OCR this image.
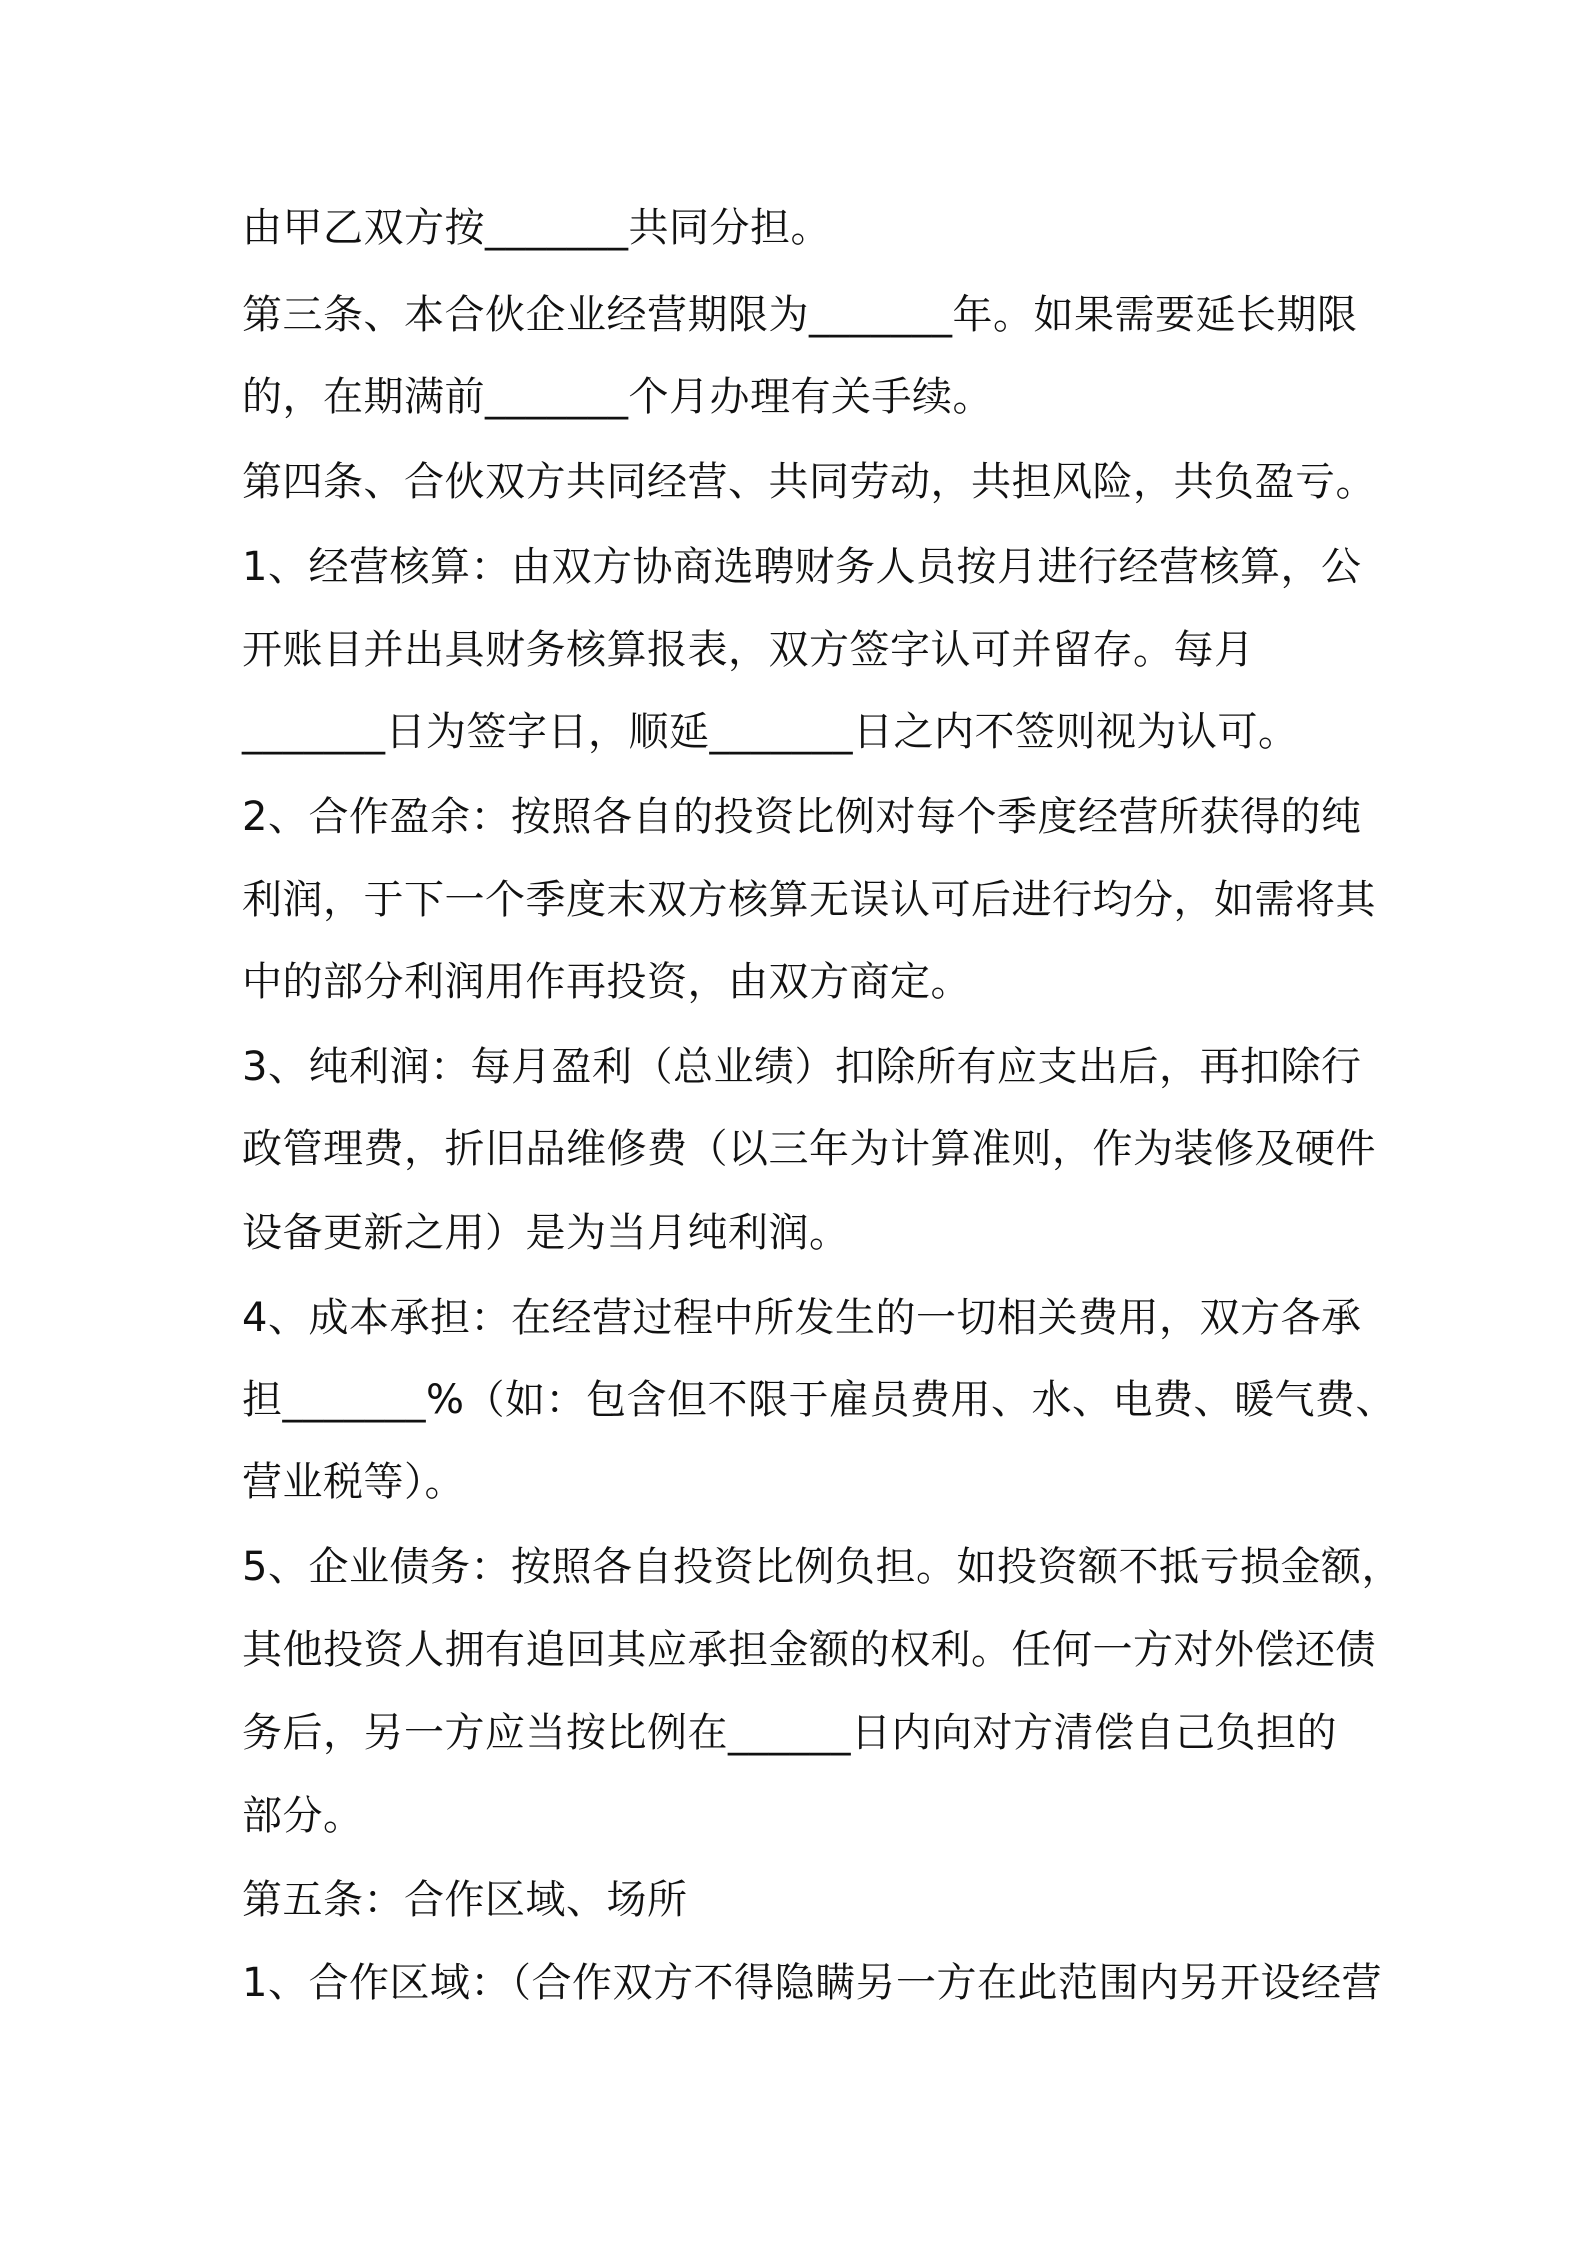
由甲乙双方按_______共同分担。
第三条、本合伙企业经营期限为_______年。如果需要延长期限
的，在期满前_______个月办理有关手续。
第四条、合伙双方共同经营、共同劳动，共担风险，共负盈亏。
1、经营核算：由双方协商选聘财务人员按月进行经营核算，公
开账目并出具财务核算报表，双方签字认可并留存。每月
_______日为签字日，顺延_______日之内不签则视为认可。
2、合作盈余：按照各自的投资比例对每个季度经营所获得的纯
利润，于下一个季度末双方核算无误认可后进行均分，如需将其
中的部分利润用作再投资，由双方商定。
3、纯利润：每月盈利（总业绩）扣除所有应支出后，再扣除行
政管理费，折旧品维修费（以三年为计算准则，作为装修及硬件
设备更新之用）是为当月纯利润。
4、成本承担：在经营过程中所发生的一切相关费用，双方各承
担_______%（如：包含但不限于雇员费用、水、电费、暖气费、
营业税等）。
5、企业债务：按照各自投资比例负担。如投资额不抵亏损金额，
其他投资人拥有追回其应承担金额的权利。任何一方对外偿还债
务后，另一方应当按比例在______日内向对方清偿自己负担的
部分。
第五条：合作区域、场所
1、合作区域：（合作双方不得隐瞒另一方在此范围内另开设经营
